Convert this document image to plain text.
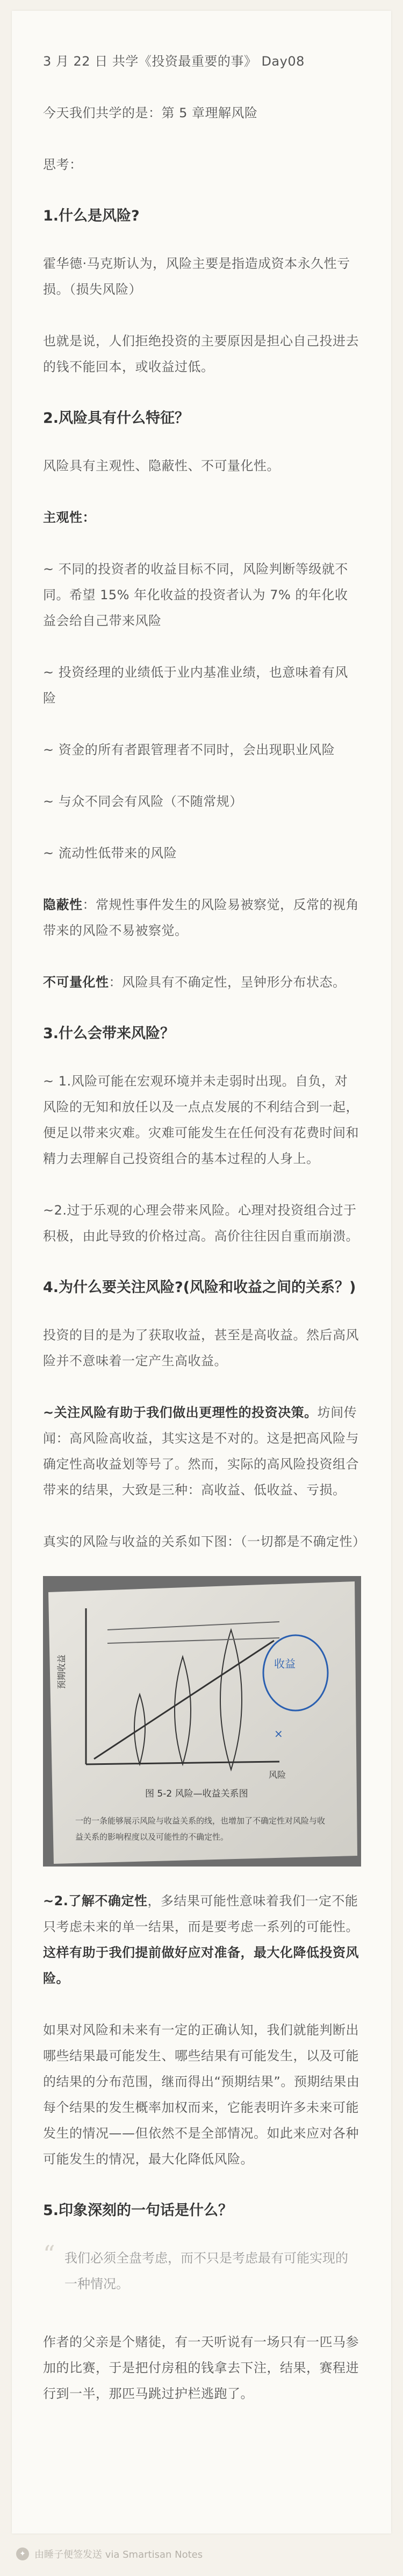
3 月 22 日 共学《投资最重要的事》 Day08

今天我们共学的是：第 5 章理解风险

思考：

1.什么是风险?

霍华德·马克斯认为，风险主要是指造成资本永久性亏损。（损失风险）

也就是说，人们拒绝投资的主要原因是担心自己投进去的钱不能回本，或收益过低。

2.风险具有什么特征？

风险具有主观性、隐蔽性、不可量化性。

主观性：

~ 不同的投资者的收益目标不同，风险判断等级就不同。希望 15% 年化收益的投资者认为 7% 的年化收益会给自己带来风险

~ 投资经理的业绩低于业内基准业绩，也意味着有风险

~ 资金的所有者跟管理者不同时，会出现职业风险

~ 与众不同会有风险（不随常规）

~ 流动性低带来的风险

隐蔽性：常规性事件发生的风险易被察觉，反常的视角带来的风险不易被察觉。

不可量化性：风险具有不确定性，呈钟形分布状态。

3.什么会带来风险？

~ 1.风险可能在宏观环境并未走弱时出现。自负，对风险的无知和放任以及一点点发展的不利结合到一起，便足以带来灾难。灾难可能发生在任何没有花费时间和精力去理解自己投资组合的基本过程的人身上。

~2.过于乐观的心理会带来风险。心理对投资组合过于积极，由此导致的价格过高。高价往往因自重而崩溃。

4.为什么要关注风险?(风险和收益之间的关系？)

投资的目的是为了获取收益，甚至是高收益。然后高风险并不意味着一定产生高收益。

~关注风险有助于我们做出更理性的投资决策。坊间传闻：高风险高收益，其实这是不对的。这是把高风险与确定性高收益划等号了。然而，实际的高风险投资组合带来的结果，大致是三种：高收益、低收益、亏损。

真实的风险与收益的关系如下图：（一切都是不确定性）

收益
×
预期收益
风险
图 5-2 风险—收益关系图
一的一条能够展示风险与收益关系的线，也增加了不确定性对风险与收
益关系的影响程度以及可能性的不确定性。

~2.了解不确定性，多结果可能性意味着我们一定不能只考虑未来的单一结果，而是要考虑一系列的可能性。这样有助于我们提前做好应对准备，最大化降低投资风险。

如果对风险和未来有一定的正确认知，我们就能判断出哪些结果最可能发生、哪些结果有可能发生，以及可能的结果的分布范围，继而得出“预期结果”。预期结果由每个结果的发生概率加权而来，它能表明许多未来可能发生的情况——但依然不是全部情况。如此来应对各种可能发生的情况，最大化降低风险。

5.印象深刻的一句话是什么？

“ 我们必须全盘考虑，而不只是考虑最有可能实现的一种情况。

作者的父亲是个赌徒，有一天听说有一场只有一匹马参加的比赛，于是把付房租的钱拿去下注，结果，赛程进行到一半，那匹马跳过护栏逃跑了。

✦ 由睡子便签发送 via Smartisan Notes
